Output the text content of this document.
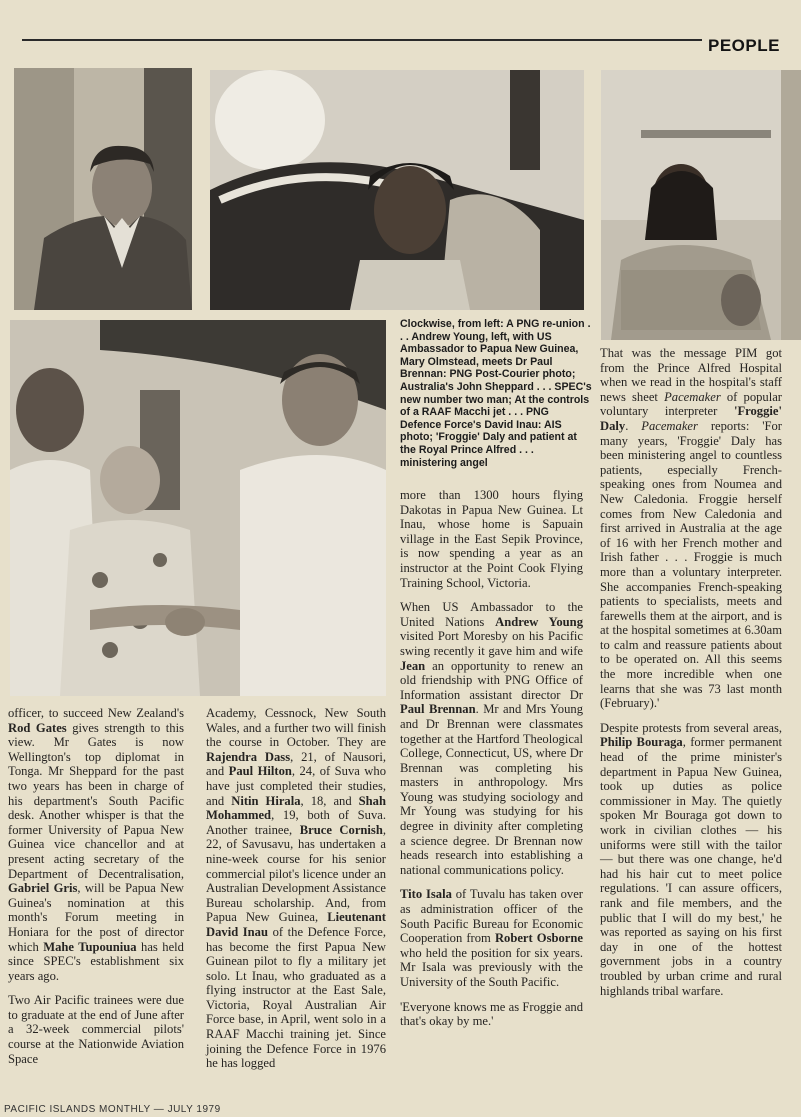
PEOPLE
Clockwise, from left: A PNG re-union . . . Andrew Young, left, with US Ambassador to Papua New Guinea, Mary Olmstead, meets Dr Paul Brennan: PNG Post-Courier photo; Australia's John Sheppard . . . SPEC's new number two man; At the controls of a RAAF Macchi jet . . . PNG Defence Force's David Inau: AIS photo; 'Froggie' Daly and patient at the Royal Prince Alfred . . . ministering angel

officer, to succeed New Zealand's Rod Gates gives strength to this view. Mr Gates is now Wellington's top diplomat in Tonga. Mr Sheppard for the past two years has been in charge of his department's South Pacific desk. Another whisper is that the former University of Papua New Guinea vice chancellor and at present acting secretary of the Department of Decentralisation, Gabriel Gris, will be Papua New Guinea's nomination at this month's Forum meeting in Honiara for the post of director which Mahe Tupouniua has held since SPEC's establishment six years ago.

Two Air Pacific trainees were due to graduate at the end of June after a 32-week commercial pilots' course at the Nationwide Aviation Space

Academy, Cessnock, New South Wales, and a further two will finish the course in October. They are Rajendra Dass, 21, of Nausori, and Paul Hilton, 24, of Suva who have just completed their studies, and Nitin Hirala, 18, and Shah Mohammed, 19, both of Suva. Another trainee, Bruce Cornish, 22, of Savusavu, has undertaken a nine-week course for his senior commercial pilot's licence under an Australian Development Assistance Bureau scholarship. And, from Papua New Guinea, Lieutenant David Inau of the Defence Force, has become the first Papua New Guinean pilot to fly a military jet solo. Lt Inau, who graduated as a flying instructor at the East Sale, Victoria, Royal Australian Air Force base, in April, went solo in a RAAF Macchi training jet. Since joining the Defence Force in 1976 he has logged

more than 1300 hours flying Dakotas in Papua New Guinea. Lt Inau, whose home is Sapuain village in the East Sepik Province, is now spending a year as an instructor at the Point Cook Flying Training School, Victoria.

When US Ambassador to the United Nations Andrew Young visited Port Moresby on his Pacific swing recently it gave him and wife Jean an opportunity to renew an old friendship with PNG Office of Information assistant director Dr Paul Brennan. Mr and Mrs Young and Dr Brennan were classmates together at the Hartford Theological College, Connecticut, US, where Dr Brennan was completing his masters in anthropology. Mrs Young was studying sociology and Mr Young was studying for his degree in divinity after completing a science degree. Dr Brennan now heads research into establishing a national communications policy.

Tito Isala of Tuvalu has taken over as administration officer of the South Pacific Bureau for Economic Cooperation from Robert Osborne who held the position for six years. Mr Isala was previously with the University of the South Pacific.

'Everyone knows me as Froggie and that's okay by me.'

That was the message PIM got from the Prince Alfred Hospital when we read in the hospital's staff news sheet Pacemaker of popular voluntary interpreter 'Froggie' Daly. Pacemaker reports: 'For many years, 'Froggie' Daly has been ministering angel to countless patients, especially French-speaking ones from Noumea and New Caledonia. Froggie herself comes from New Caledonia and first arrived in Australia at the age of 16 with her French mother and Irish father . . . Froggie is much more than a voluntary interpreter. She accompanies French-speaking patients to specialists, meets and farewells them at the airport, and is at the hospital sometimes at 6.30am to calm and reassure patients about to be operated on. All this seems the more incredible when one learns that she was 73 last month (February).'

Despite protests from several areas, Philip Bouraga, former permanent head of the prime minister's department in Papua New Guinea, took up duties as police commissioner in May. The quietly spoken Mr Bouraga got down to work in civilian clothes — his uniforms were still with the tailor — but there was one change, he'd had his hair cut to meet police regulations. 'I can assure officers, rank and file members, and the public that I will do my best,' he was reported as saying on his first day in one of the hottest government jobs in a country troubled by urban crime and rural highlands tribal warfare.

PACIFIC ISLANDS MONTHLY — JULY 1979
